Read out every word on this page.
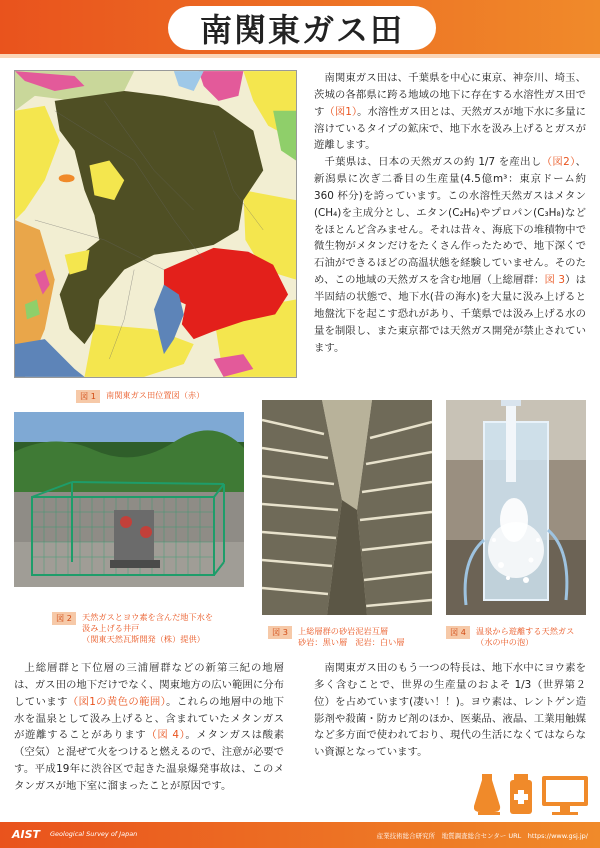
南関東ガス田
図 1	南関東ガス田位置図（赤）

南関東ガス田は、千葉県を中心に東京、神奈川、埼玉、茨城の各都県に跨る地域の地下に存在する水溶性ガス田です（図1）。水溶性ガス田とは、天然ガスが地下水に多量に溶けているタイプの鉱床で、地下水を汲み上げるとガスが遊離します。

千葉県は、日本の天然ガスの約 1/7 を産出し（図2）、新潟県に次ぎ二番目の生産量(4.5億m³：東京ドーム約 360 杯分)を誇っています。この水溶性天然ガスはメタン(CH₄)を主成分とし、エタン(C₂H₆)やプロパン(C₃H₈)などをほとんど含みません。それは昔々、海底下の堆積物中で微生物がメタンだけをたくさん作ったためで、地下深くで石油ができるほどの高温状態を経験していません。そのため、この地域の天然ガスを含む地層（上総層群：図 3）は半固結の状態で、地下水(昔の海水)を大量に汲み上げると地盤沈下を起こす恐れがあり、千葉県では汲み上げる水の量を制限し、また東京都では天然ガス開発が禁止されています。

図 2	天然ガスとヨウ素を含んだ地下水を
汲み上げる井戸
（関東天然瓦斯開発（株）提供）
図 3	上総層群の砂岩泥岩互層
砂岩：黒い層　泥岩：白い層
図 4	温泉から遊離する天然ガス
（水の中の泡）

上総層群と下位層の三浦層群などの新第三紀の地層は、ガス田の地下だけでなく、関東地方の広い範囲に分布しています（図1の黄色の範囲）。これらの地層中の地下水を温泉として汲み上げると、含まれていたメタンガスが遊離することがあります（図 4）。メタンガスは酸素（空気）と混ぜて火をつけると燃えるので、注意が必要です。平成19年に渋谷区で起きた温泉爆発事故は、このメタンガスが地下室に溜まったことが原因です。

南関東ガス田のもう一つの特長は、地下水中にヨウ素を多く含むことで、世界の生産量のおよそ 1/3（世界第２位）を占めています(凄い！！)。ヨウ素は、レントゲン造影剤や殺菌・防カビ剤のほか、医薬品、液晶、工業用触媒など多方面で使われており、現代の生活になくてはならない資源となっています。

AIST Geological Survey of Japan	産業技術総合研究所　地質調査総合センター URL　https://www.gsj.jp/
